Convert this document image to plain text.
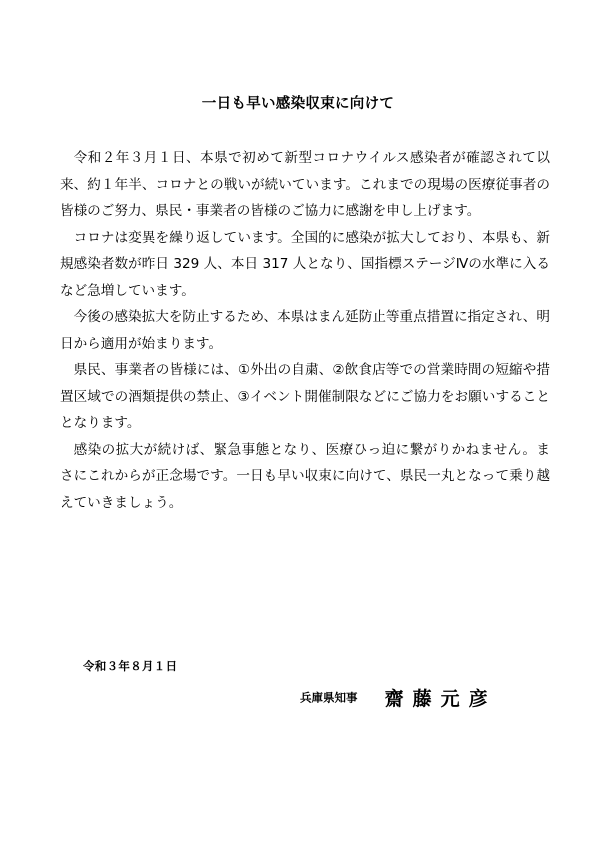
一日も早い感染収束に向けて

令和２年３月１日、本県で初めて新型コロナウイルス感染者が確認されて以来、約１年半、コロナとの戦いが続いています。これまでの現場の医療従事者の皆様のご努力、県民・事業者の皆様のご協力に感謝を申し上げます。

コロナは変異を繰り返しています。全国的に感染が拡大しており、本県も、新規感染者数が昨日 329 人、本日 317 人となり、国指標ステージⅣの水準に入るなど急増しています。

今後の感染拡大を防止するため、本県はまん延防止等重点措置に指定され、明日から適用が始まります。

県民、事業者の皆様には、①外出の自粛、②飲食店等での営業時間の短縮や措置区域での酒類提供の禁止、③イベント開催制限などにご協力をお願いすることとなります。

感染の拡大が続けば、緊急事態となり、医療ひっ迫に繋がりかねません。まさにこれからが正念場です。一日も早い収束に向けて、県民一丸となって乗り越えていきましょう。

令和３年８月１日
兵庫県知事 齋藤元彦
